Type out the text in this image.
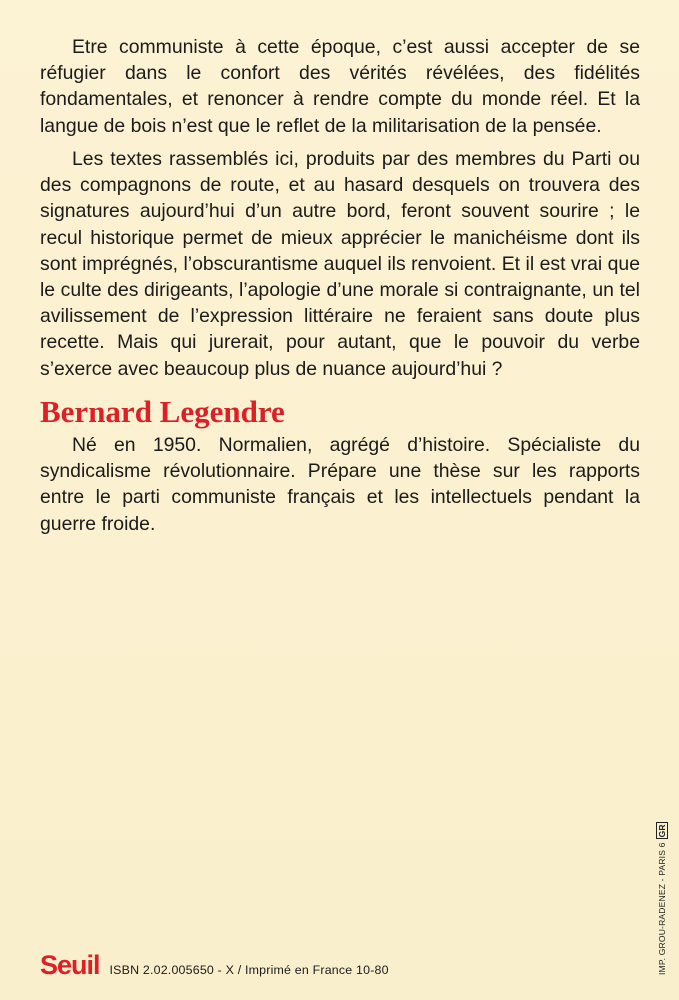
Etre communiste à cette époque, c’est aussi accepter de se réfugier dans le confort des vérités révélées, des fidélités fondamentales, et renoncer à rendre compte du monde réel. Et la langue de bois n’est que le reflet de la militarisation de la pensée.

Les textes rassemblés ici, produits par des membres du Parti ou des compagnons de route, et au hasard desquels on trouvera des signatures aujourd’hui d’un autre bord, feront souvent sourire ; le recul historique permet de mieux apprécier le manichéisme dont ils sont imprégnés, l’obscurantisme auquel ils renvoient. Et il est vrai que le culte des dirigeants, l’apologie d’une morale si contraignante, un tel avilissement de l’expression littéraire ne feraient sans doute plus recette. Mais qui jurerait, pour autant, que le pouvoir du verbe s’exerce avec beaucoup plus de nuance aujourd’hui ?

Bernard Legendre

Né en 1950. Normalien, agrégé d’histoire. Spécialiste du syndicalisme révolutionnaire. Prépare une thèse sur les rapports entre le parti communiste français et les intellectuels pendant la guerre froide.

IMP. GROU-RADENEZ - PARIS 6GR
Seuil ISBN 2.02.005650 - X / Imprimé en France 10-80
